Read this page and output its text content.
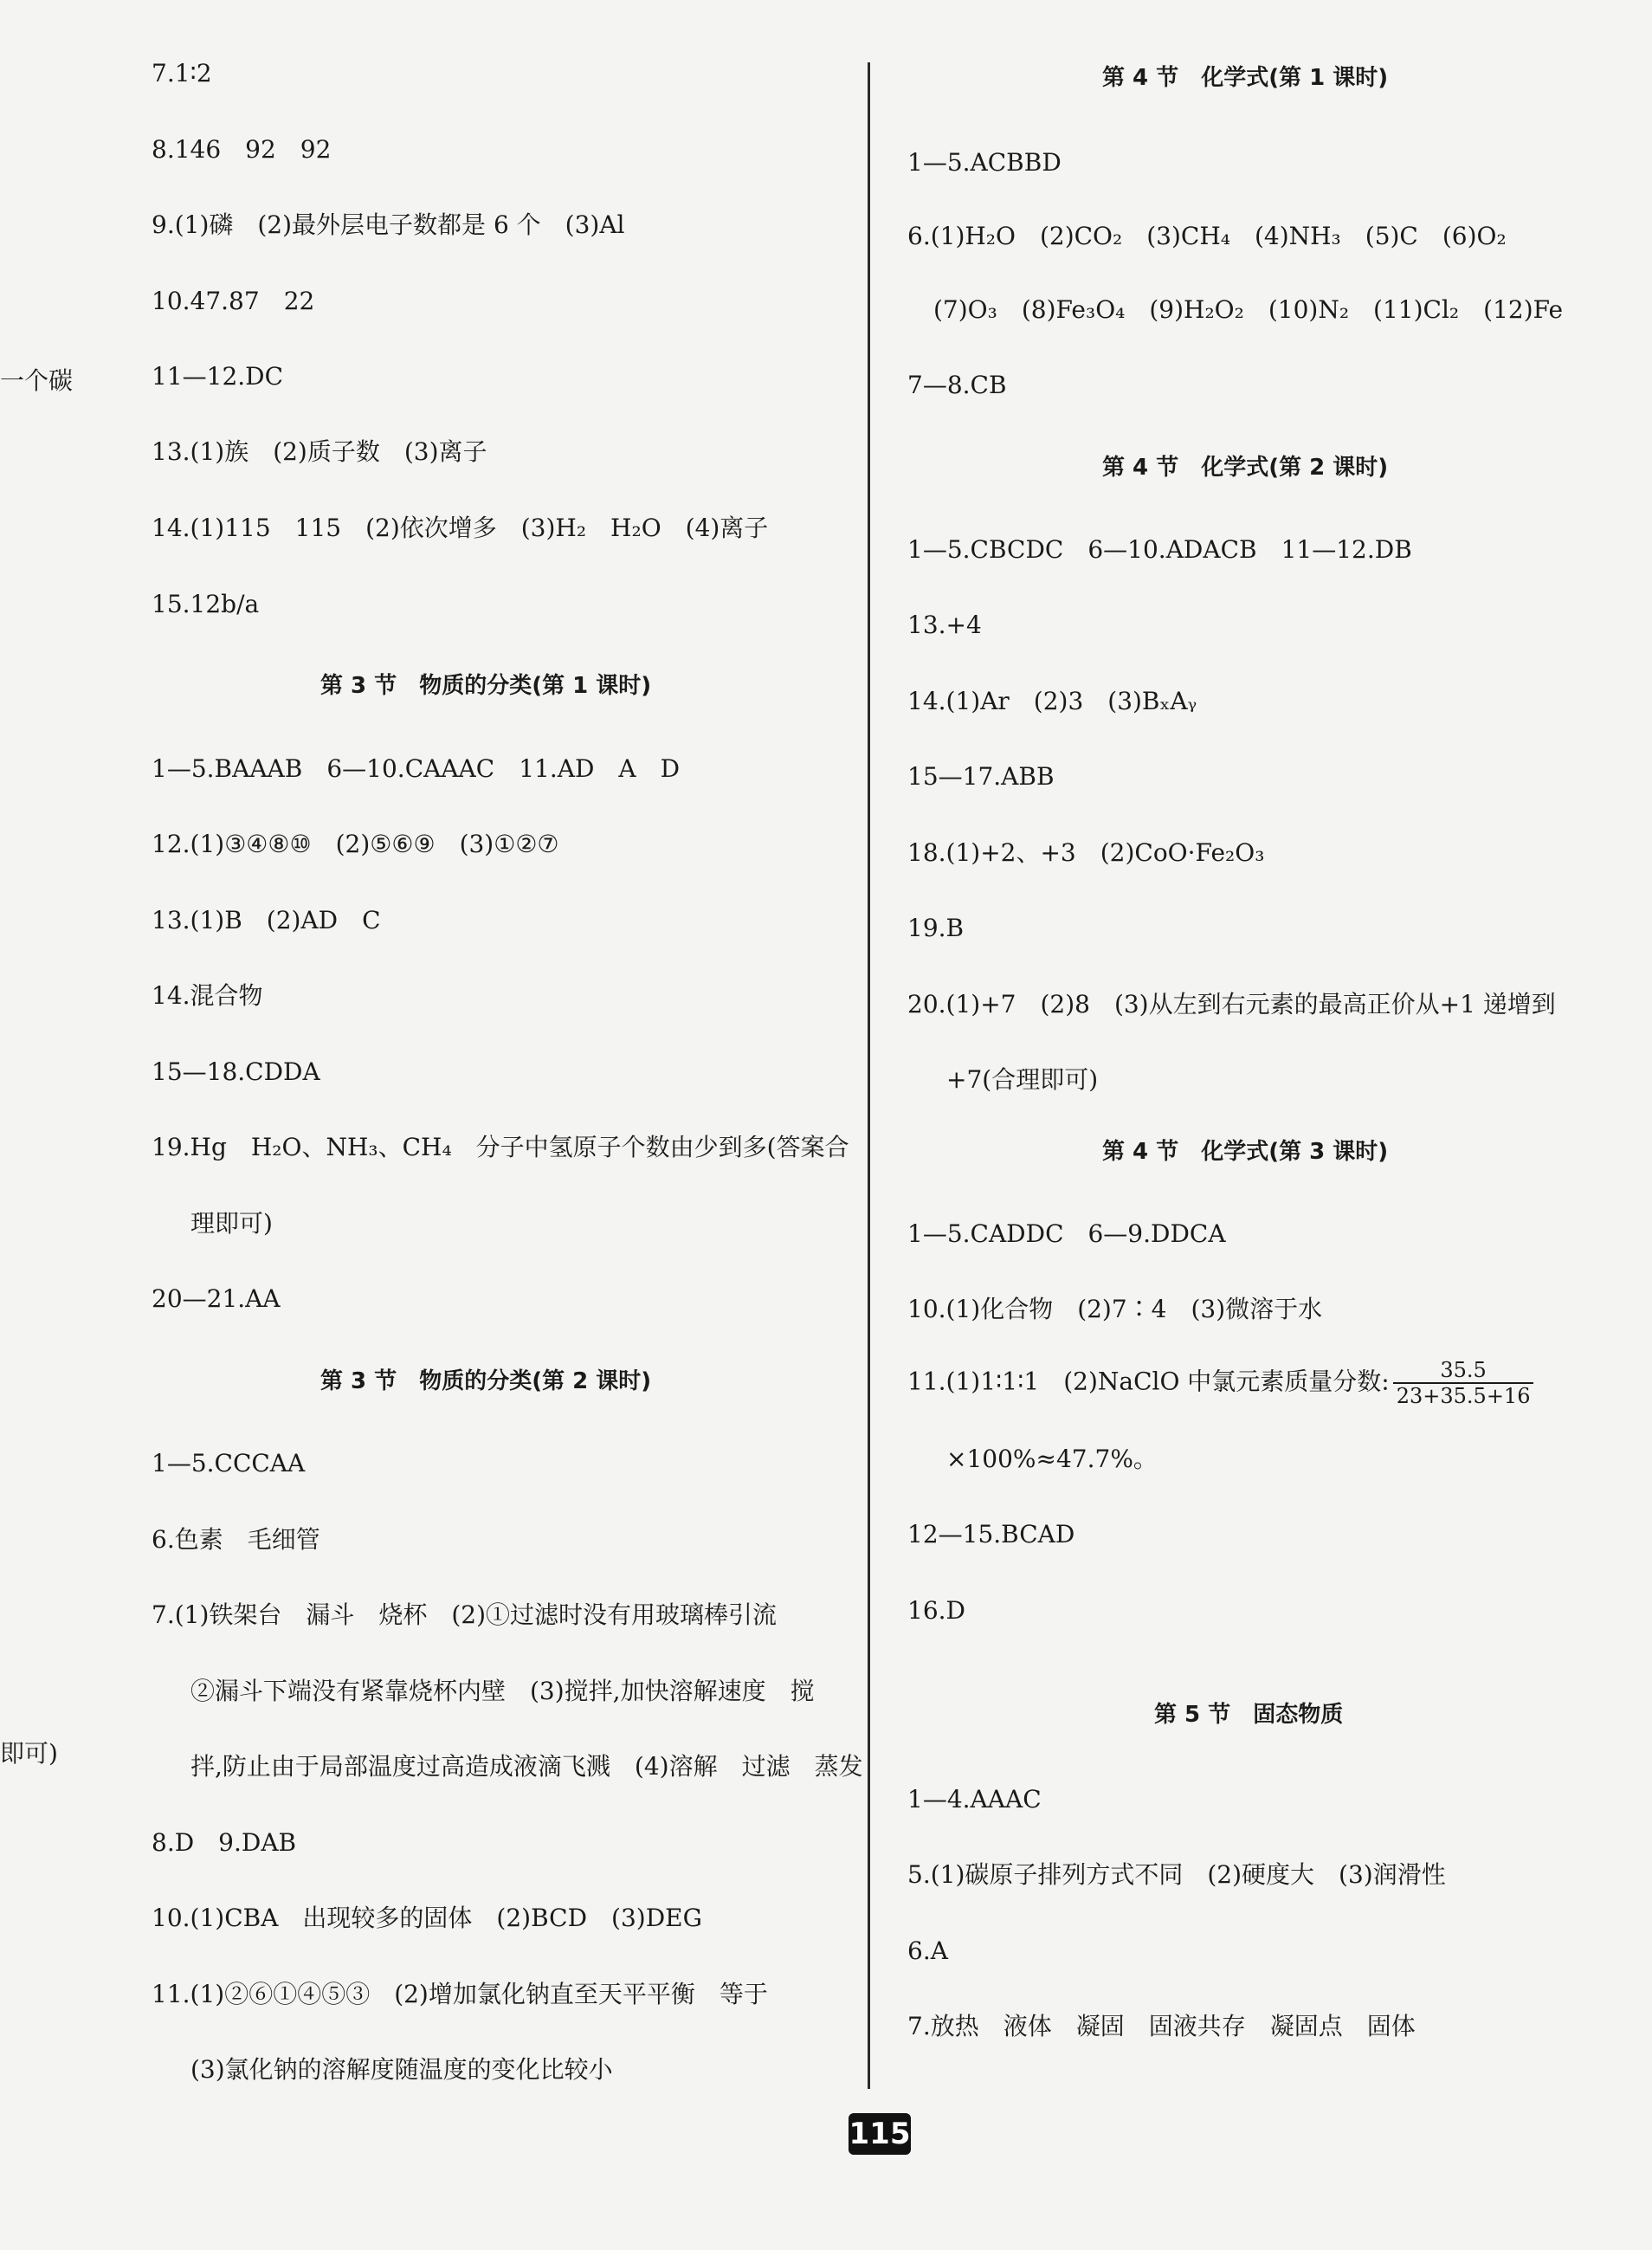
一个碳
即可)
7.1∶2
8.146　92　92
9.(1)磷　(2)最外层电子数都是 6 个　(3)Al
10.47.87　22
11—12.DC
13.(1)族　(2)质子数　(3)离子
14.(1)115　115　(2)依次增多　(3)H₂　H₂O　(4)离子
15.12b/a
第 3 节　物质的分类(第 1 课时)
1—5.BAAAB　6—10.CAAAC　11.AD　A　D
12.(1)③④⑧⑩　(2)⑤⑥⑨　(3)①②⑦
13.(1)B　(2)AD　C
14.混合物
15—18.CDDA
19.Hg　H₂O、NH₃、CH₄　分子中氢原子个数由少到多(答案合
理即可)
20—21.AA
第 3 节　物质的分类(第 2 课时)
1—5.CCCAA
6.色素　毛细管
7.(1)铁架台　漏斗　烧杯　(2)①过滤时没有用玻璃棒引流
②漏斗下端没有紧靠烧杯内壁　(3)搅拌,加快溶解速度　搅
拌,防止由于局部温度过高造成液滴飞溅　(4)溶解　过滤　蒸发
8.D　9.DAB
10.(1)CBA　出现较多的固体　(2)BCD　(3)DEG
11.(1)②⑥①④⑤③　(2)增加氯化钠直至天平平衡　等于
(3)氯化钠的溶解度随温度的变化比较小
第 4 节　化学式(第 1 课时)
1—5.ACBBD
6.(1)H₂O　(2)CO₂　(3)CH₄　(4)NH₃　(5)C　(6)O₂
(7)O₃　(8)Fe₃O₄　(9)H₂O₂　(10)N₂　(11)Cl₂　(12)Fe
7—8.CB
第 4 节　化学式(第 2 课时)
1—5.CBCDC　6—10.ADACB　11—12.DB
13.+4
14.(1)Ar　(2)3　(3)BₓAᵧ
15—17.ABB
18.(1)+2、+3　(2)CoO·Fe₂O₃
19.B
20.(1)+7　(2)8　(3)从左到右元素的最高正价从+1 递增到
+7(合理即可)
第 4 节　化学式(第 3 课时)
1—5.CADDC　6—9.DDCA
10.(1)化合物　(2)7∶4　(3)微溶于水
11.(1)1∶1∶1　(2)NaClO 中氯元素质量分数: $\frac{35.5}{23+35.5+16}$
×100%≈47.7%。
12—15.BCAD
16.D
第 5 节　固态物质
1—4.AAAC
5.(1)碳原子排列方式不同　(2)硬度大　(3)润滑性
6.A
7.放热　液体　凝固　固液共存　凝固点　固体
115
